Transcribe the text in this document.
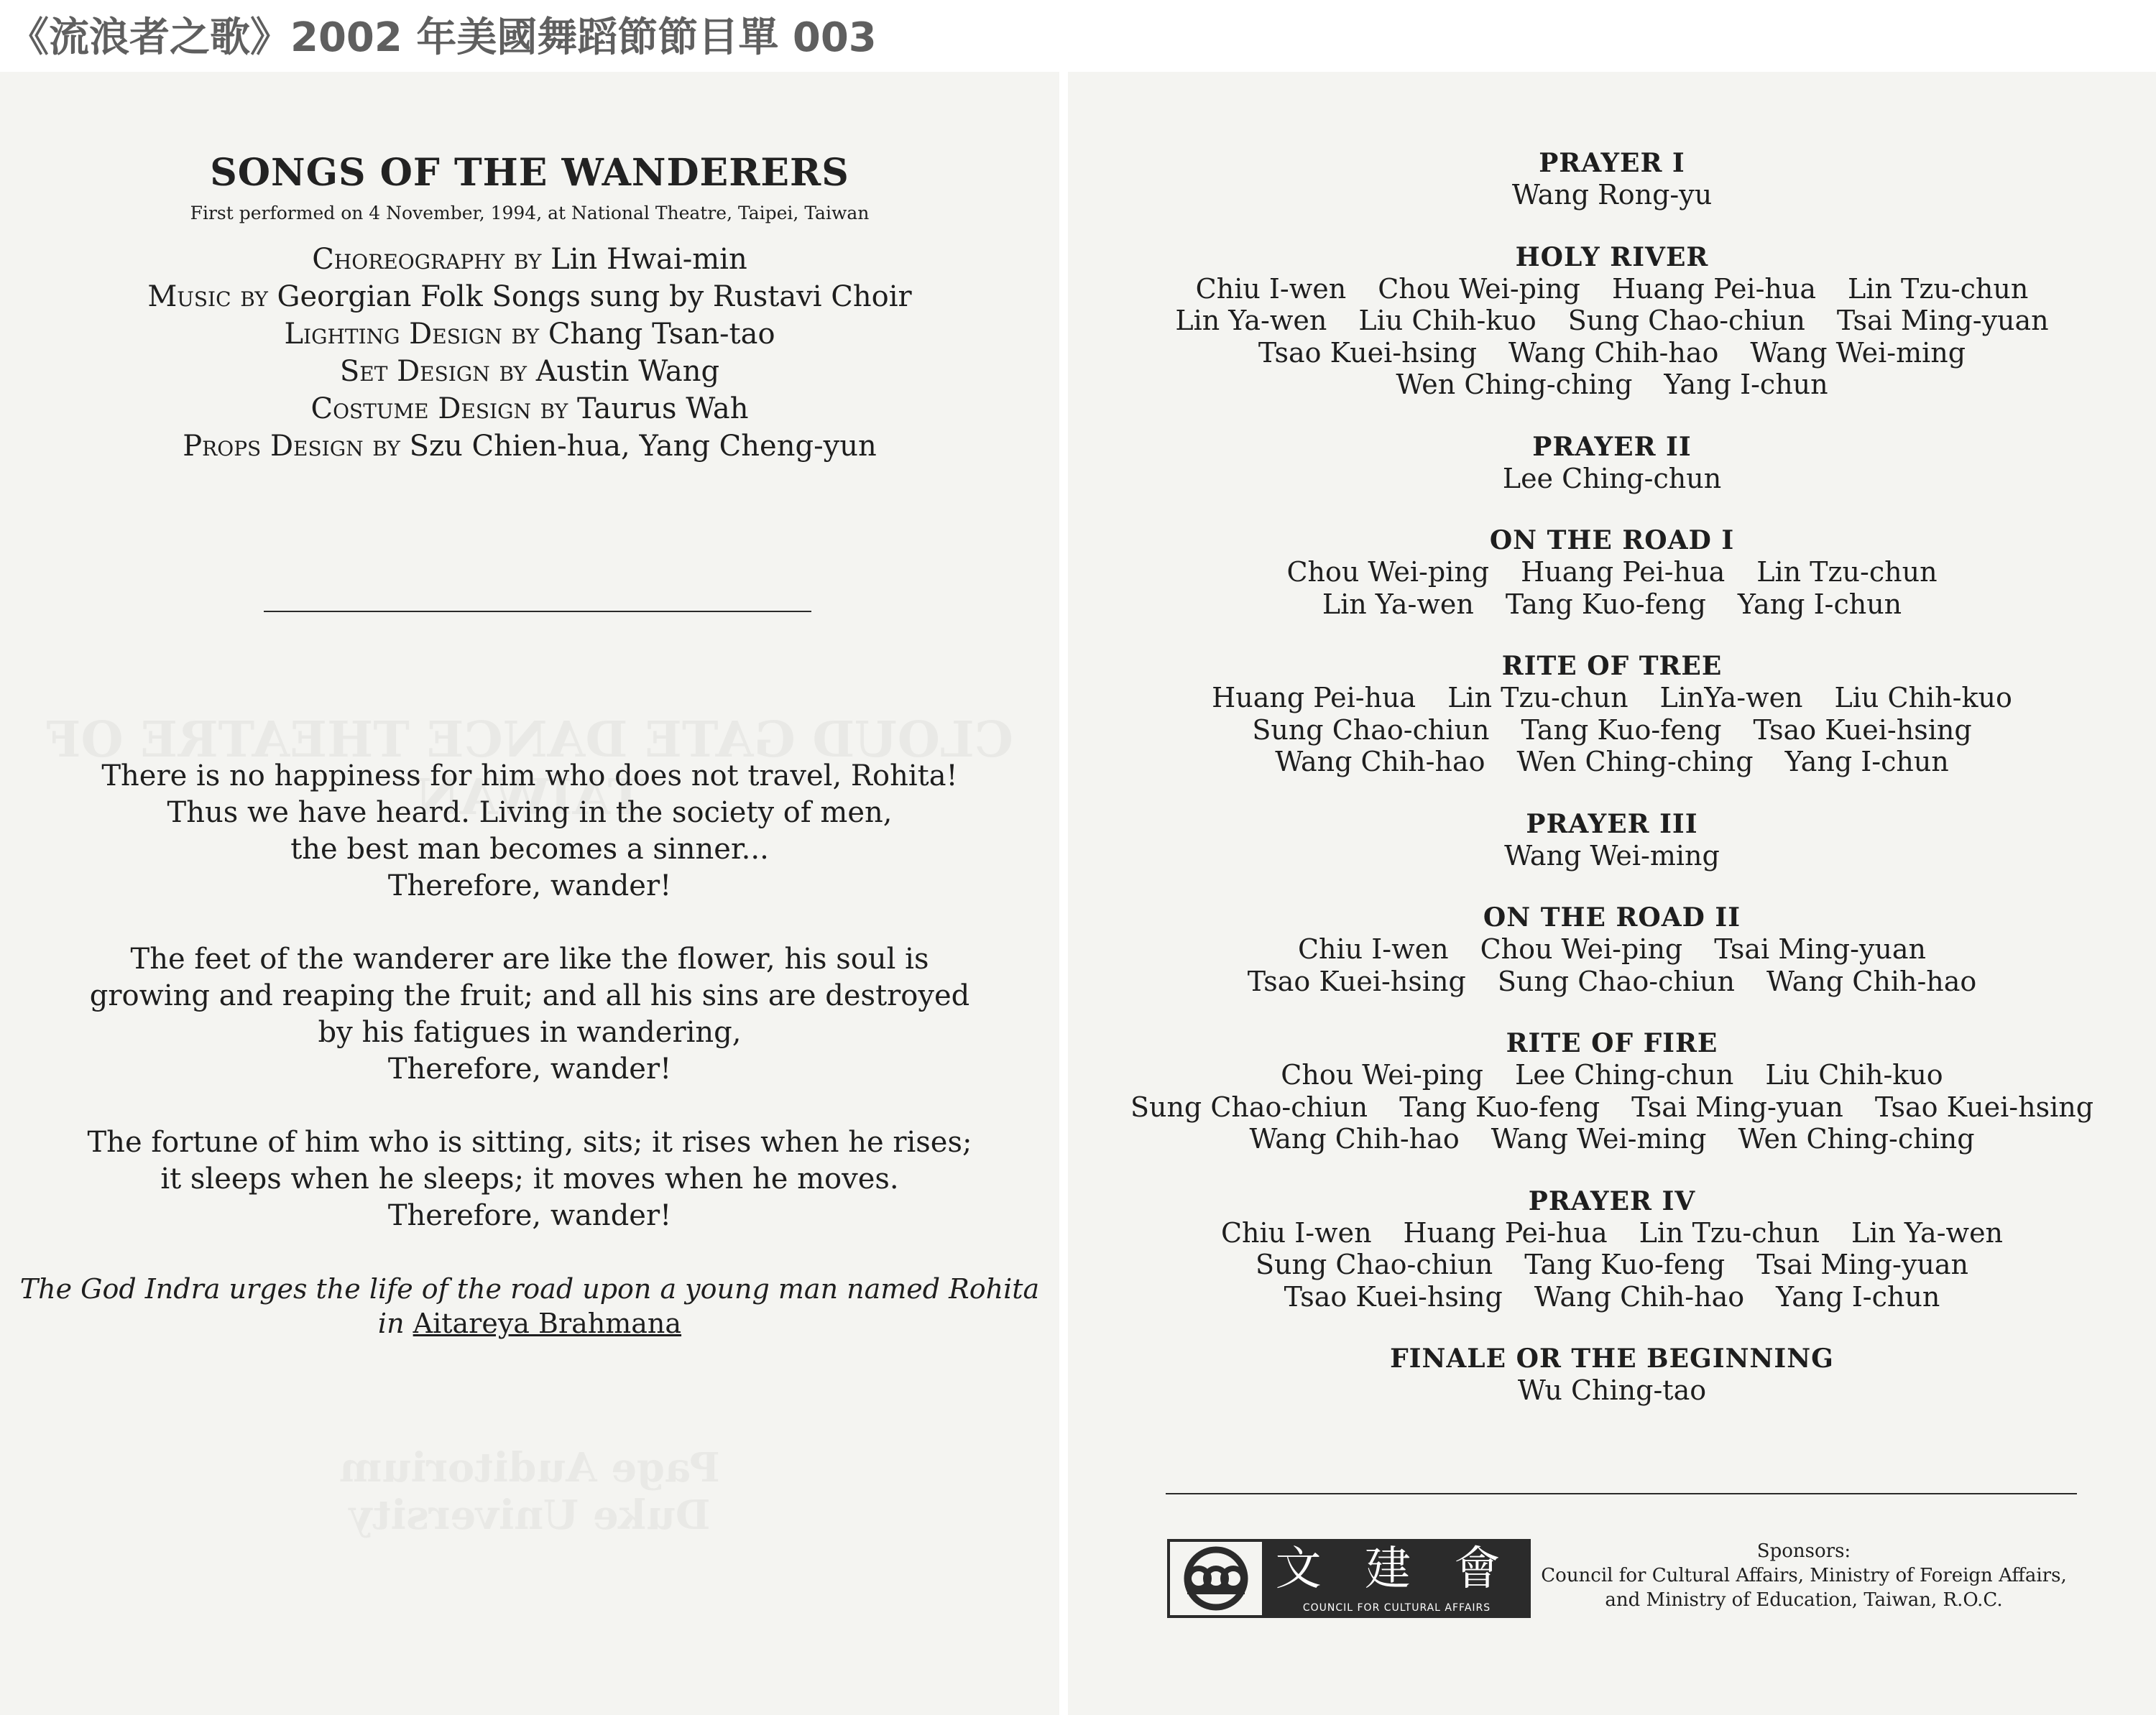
《流浪者之歌》2002 年美國舞蹈節節目單 003

SONGS OF THE WANDERERS
First performed on 4 November, 1994, at National Theatre, Taipei, Taiwan
Choreography by Lin Hwai-min
Music by Georgian Folk Songs sung by Rustavi Choir
Lighting Design by Chang Tsan-tao
Set Design by Austin Wang
Costume Design by Taurus Wah
Props Design by Szu Chien-hua, Yang Cheng-yun
There is no happiness for him who does not travel, Rohita!
Thus we have heard. Living in the society of men,
the best man becomes a sinner...
Therefore, wander!
The feet of the wanderer are like the flower, his soul is
growing and reaping the fruit; and all his sins are destroyed
by his fatigues in wandering,
Therefore, wander!
The fortune of him who is sitting, sits; it rises when he rises;
it sleeps when he sleeps; it moves when he moves.
Therefore, wander!
The God Indra urges the life of the road upon a young man named Rohita
in Aitareya Brahmana
PRAYER I
Wang Rong-yu
HOLY RIVER
Chiu I-wen Chou Wei-ping Huang Pei-hua Lin Tzu-chun
Lin Ya-wen Liu Chih-kuo Sung Chao-chiun Tsai Ming-yuan
Tsao Kuei-hsing Wang Chih-hao Wang Wei-ming
Wen Ching-ching Yang I-chun
PRAYER II
Lee Ching-chun
ON THE ROAD I
Chou Wei-ping Huang Pei-hua Lin Tzu-chun
Lin Ya-wen Tang Kuo-feng Yang I-chun
RITE OF TREE
Huang Pei-hua Lin Tzu-chun LinYa-wen Liu Chih-kuo
Sung Chao-chiun Tang Kuo-feng Tsao Kuei-hsing
Wang Chih-hao Wen Ching-ching Yang I-chun
PRAYER III
Wang Wei-ming
ON THE ROAD II
Chiu I-wen Chou Wei-ping Tsai Ming-yuan
Tsao Kuei-hsing Sung Chao-chiun Wang Chih-hao
RITE OF FIRE
Chou Wei-ping Lee Ching-chun Liu Chih-kuo
Sung Chao-chiun Tang Kuo-feng Tsai Ming-yuan Tsao Kuei-hsing
Wang Chih-hao Wang Wei-ming Wen Ching-ching
PRAYER IV
Chiu I-wen Huang Pei-hua Lin Tzu-chun Lin Ya-wen
Sung Chao-chiun Tang Kuo-feng Tsai Ming-yuan
Tsao Kuei-hsing Wang Chih-hao Yang I-chun
FINALE OR THE BEGINNING
Wu Ching-tao
文 建 會
COUNCIL FOR CULTURAL AFFAIRS
Sponsors:
Council for Cultural Affairs, Ministry of Foreign Affairs,
and Ministry of Education, Taiwan, R.O.C.
